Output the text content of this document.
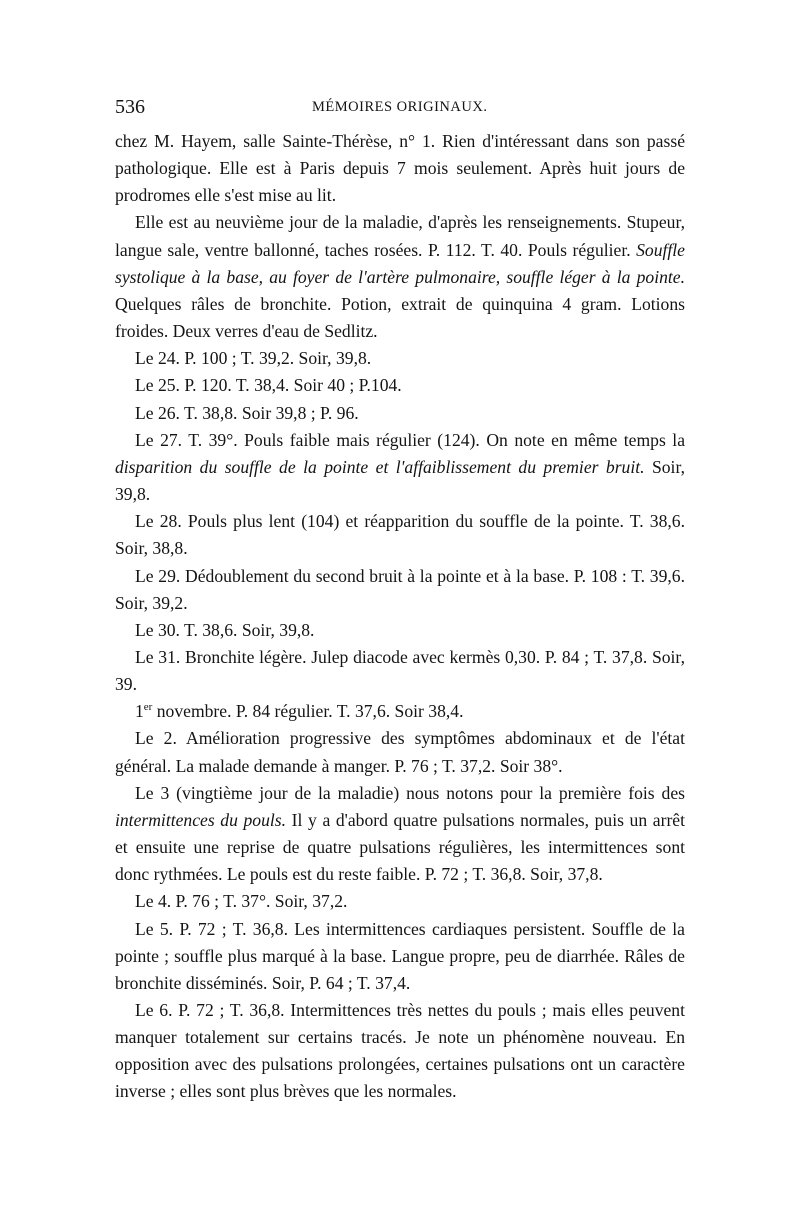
536	MÉMOIRES ORIGINAUX.

chez M. Hayem, salle Sainte-Thérèse, n° 1. Rien d'intéressant dans son passé pathologique. Elle est à Paris depuis 7 mois seulement. Après huit jours de prodromes elle s'est mise au lit.

Elle est au neuvième jour de la maladie, d'après les renseignements. Stupeur, langue sale, ventre ballonné, taches rosées. P. 112. T. 40. Pouls régulier. Souffle systolique à la base, au foyer de l'artère pulmonaire, souffle léger à la pointe. Quelques râles de bronchite. Potion, extrait de quinquina 4 gram. Lotions froides. Deux verres d'eau de Sedlitz.

Le 24. P. 100 ; T. 39,2. Soir, 39,8.

Le 25. P. 120. T. 38,4. Soir 40 ; P.104.

Le 26. T. 38,8. Soir 39,8 ; P. 96.

Le 27. T. 39°. Pouls faible mais régulier (124). On note en même temps la disparition du souffle de la pointe et l'affaiblissement du premier bruit. Soir, 39,8.

Le 28. Pouls plus lent (104) et réapparition du souffle de la pointe. T. 38,6. Soir, 38,8.

Le 29. Dédoublement du second bruit à la pointe et à la base. P. 108 : T. 39,6. Soir, 39,2.

Le 30. T. 38,6. Soir, 39,8.

Le 31. Bronchite légère. Julep diacode avec kermès 0,30. P. 84 ; T. 37,8. Soir, 39.

1er novembre. P. 84 régulier. T. 37,6. Soir 38,4.

Le 2. Amélioration progressive des symptômes abdominaux et de l'état général. La malade demande à manger. P. 76 ; T. 37,2. Soir 38°.

Le 3 (vingtième jour de la maladie) nous notons pour la première fois des intermittences du pouls. Il y a d'abord quatre pulsations normales, puis un arrêt et ensuite une reprise de quatre pulsations régulières, les intermittences sont donc rythmées. Le pouls est du reste faible. P. 72 ; T. 36,8. Soir, 37,8.

Le 4. P. 76 ; T. 37°. Soir, 37,2.

Le 5. P. 72 ; T. 36,8. Les intermittences cardiaques persistent. Souffle de la pointe ; souffle plus marqué à la base. Langue propre, peu de diarrhée. Râles de bronchite disséminés. Soir, P. 64 ; T. 37,4.

Le 6. P. 72 ; T. 36,8. Intermittences très nettes du pouls ; mais elles peuvent manquer totalement sur certains tracés. Je note un phénomène nouveau. En opposition avec des pulsations prolongées, certaines pulsations ont un caractère inverse ; elles sont plus brèves que les normales.
